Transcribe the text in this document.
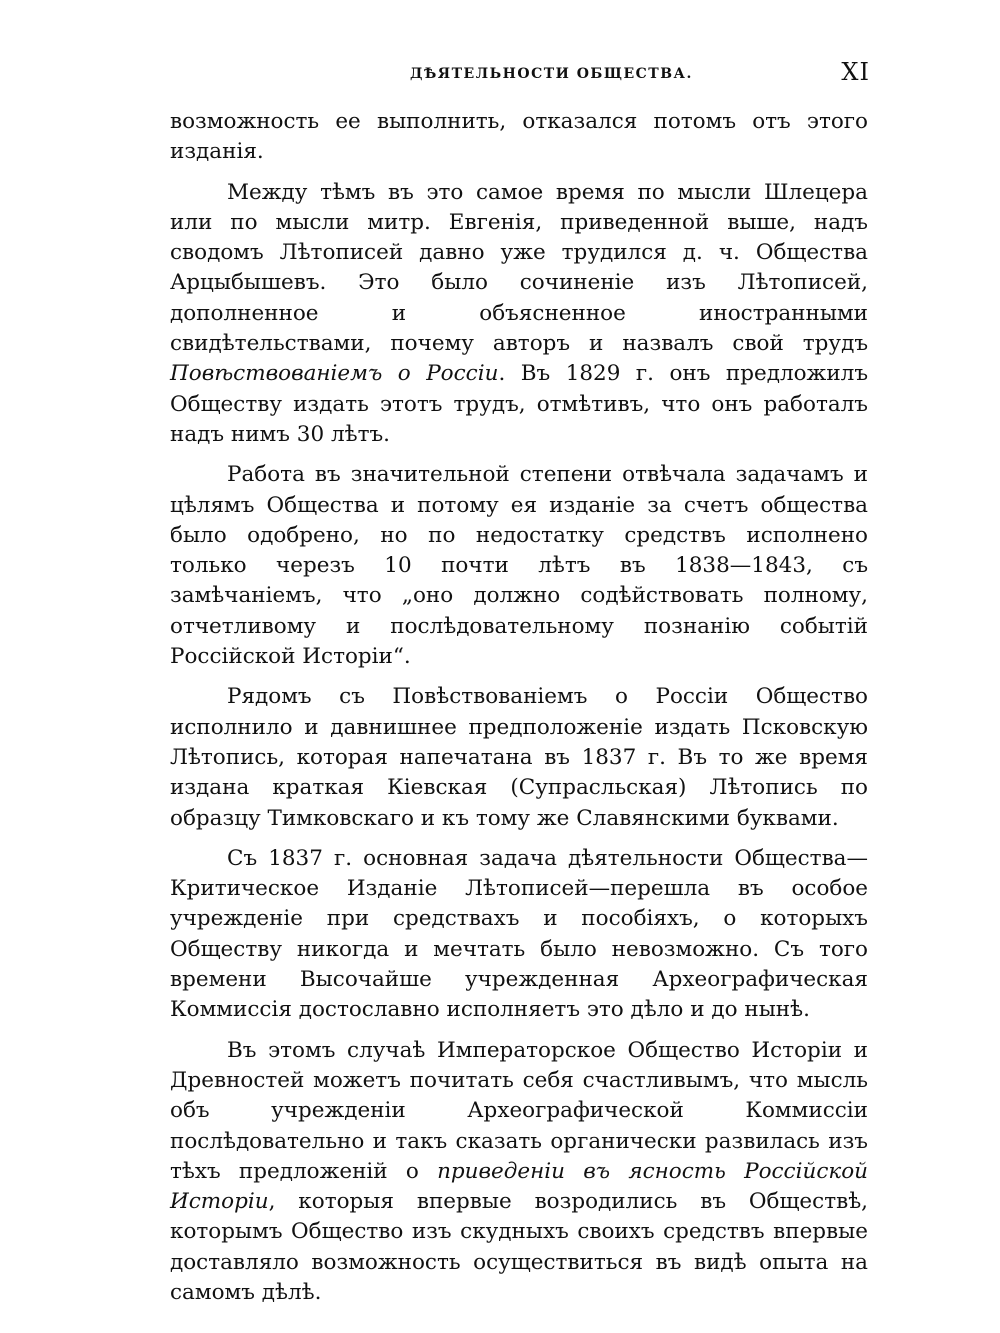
ДѢЯТЕЛЬНОСТИ ОБЩЕСТВА.	XI

возможность ее выполнить, отказался потомъ отъ этого изданія.

Между тѣмъ въ это самое время по мысли Шлецера или по мысли митр. Евгенія, приведенной выше, надъ сводомъ Лѣтописей давно уже трудился д. ч. Общества Арцыбышевъ. Это было сочиненіе изъ Лѣтописей, дополненное и объясненное иностранными свидѣтельствами, почему авторъ и назвалъ свой трудъ Повѣствованіемъ о Россіи. Въ 1829 г. онъ предложилъ Обществу издать этотъ трудъ, отмѣтивъ, что онъ работалъ надъ нимъ 30 лѣтъ.

Работа въ значительной степени отвѣчала задачамъ и цѣлямъ Общества и потому ея изданіе за счетъ общества было одобрено, но по недостатку средствъ исполнено только черезъ 10 почти лѣтъ въ 1838—1843, съ замѣчаніемъ, что „оно должно содѣйствовать полному, отчетливому и послѣдовательному познанію событій Россійской Исторіи“.

Рядомъ съ Повѣствованіемъ о Россіи Общество исполнило и давнишнее предположеніе издать Псковскую Лѣтопись, которая напечатана въ 1837 г. Въ то же время издана краткая Кіевская (Супрасльская) Лѣтопись по образцу Тимковскаго и къ тому же Славянскими буквами.

Съ 1837 г. основная задача дѣятельности Общества—Критическое Изданіе Лѣтописей—перешла въ особое учрежденіе при средствахъ и пособіяхъ, о которыхъ Обществу никогда и мечтать было невозможно. Съ того времени Высочайше учрежденная Археографическая Коммиссія достославно исполняетъ это дѣло и до нынѣ.

Въ этомъ случаѣ Императорское Общество Исторіи и Древностей можетъ почитать себя счастливымъ, что мысль объ учрежденіи Археографической Коммиссіи послѣдовательно и такъ сказать органически развилась изъ тѣхъ предложеній о приведеніи въ ясность Россійской Исторіи, которыя впервые возродились въ Обществѣ, которымъ Общество изъ скудныхъ своихъ средствъ впервые доставляло возможность осуществиться въ видѣ опыта на самомъ дѣлѣ.
